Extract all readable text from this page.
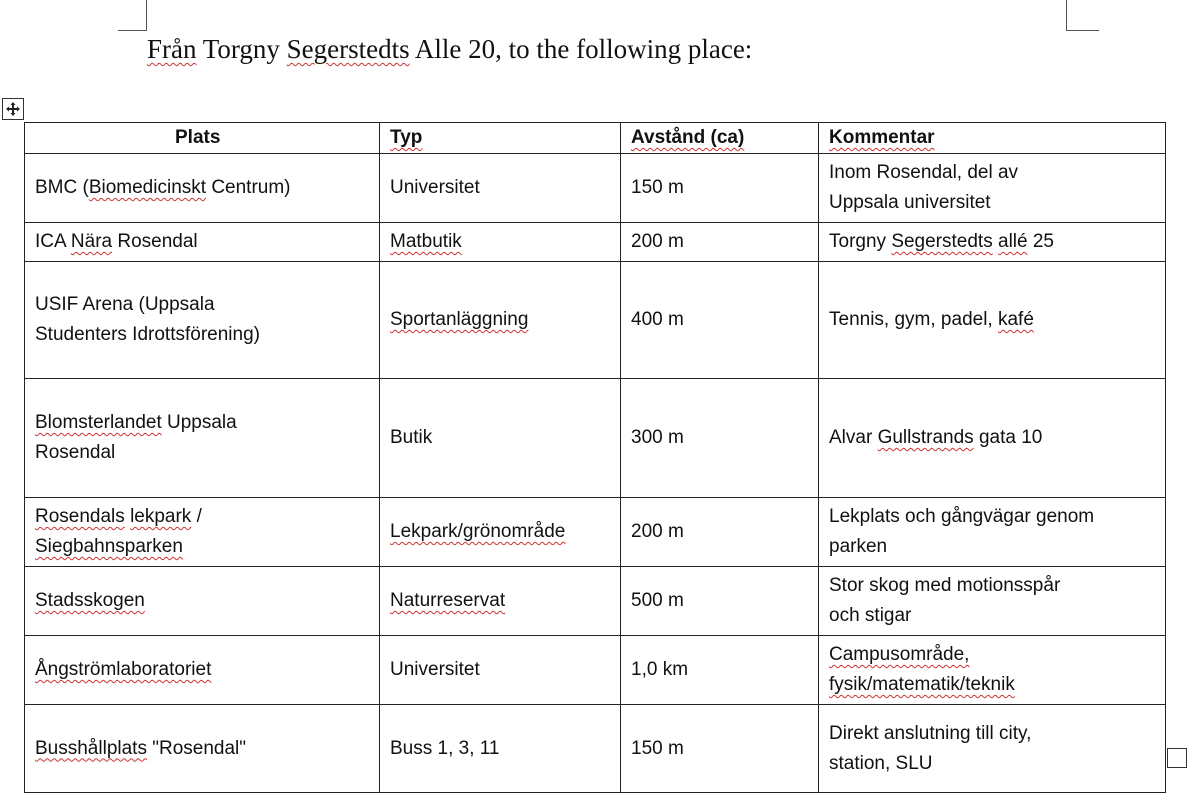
Från Torgny Segerstedts Alle 20, to the following place:
Plats	Typ	Avstånd (ca)	Kommentar
BMC (Biomedicinskt Centrum)	Universitet	150 m	Inom Rosendal, del av
Uppsala universitet
ICA Nära Rosendal	Matbutik	200 m	Torgny Segerstedts allé 25
USIF Arena (Uppsala
Studenters Idrottsförening)	Sportanläggning	400 m	Tennis, gym, padel, kafé
Blomsterlandet Uppsala
Rosendal	Butik	300 m	Alvar Gullstrands gata 10
Rosendals lekpark /
Siegbahnsparken	Lekpark/grönområde	200 m	Lekplats och gångvägar genom
parken
Stadsskogen	Naturreservat	500 m	Stor skog med motionsspår
och stigar
Ångströmlaboratoriet	Universitet	1,0 km	Campusområde,
fysik/matematik/teknik
Busshållplats "Rosendal"	Buss 1, 3, 11	150 m	Direkt anslutning till city,
station, SLU
